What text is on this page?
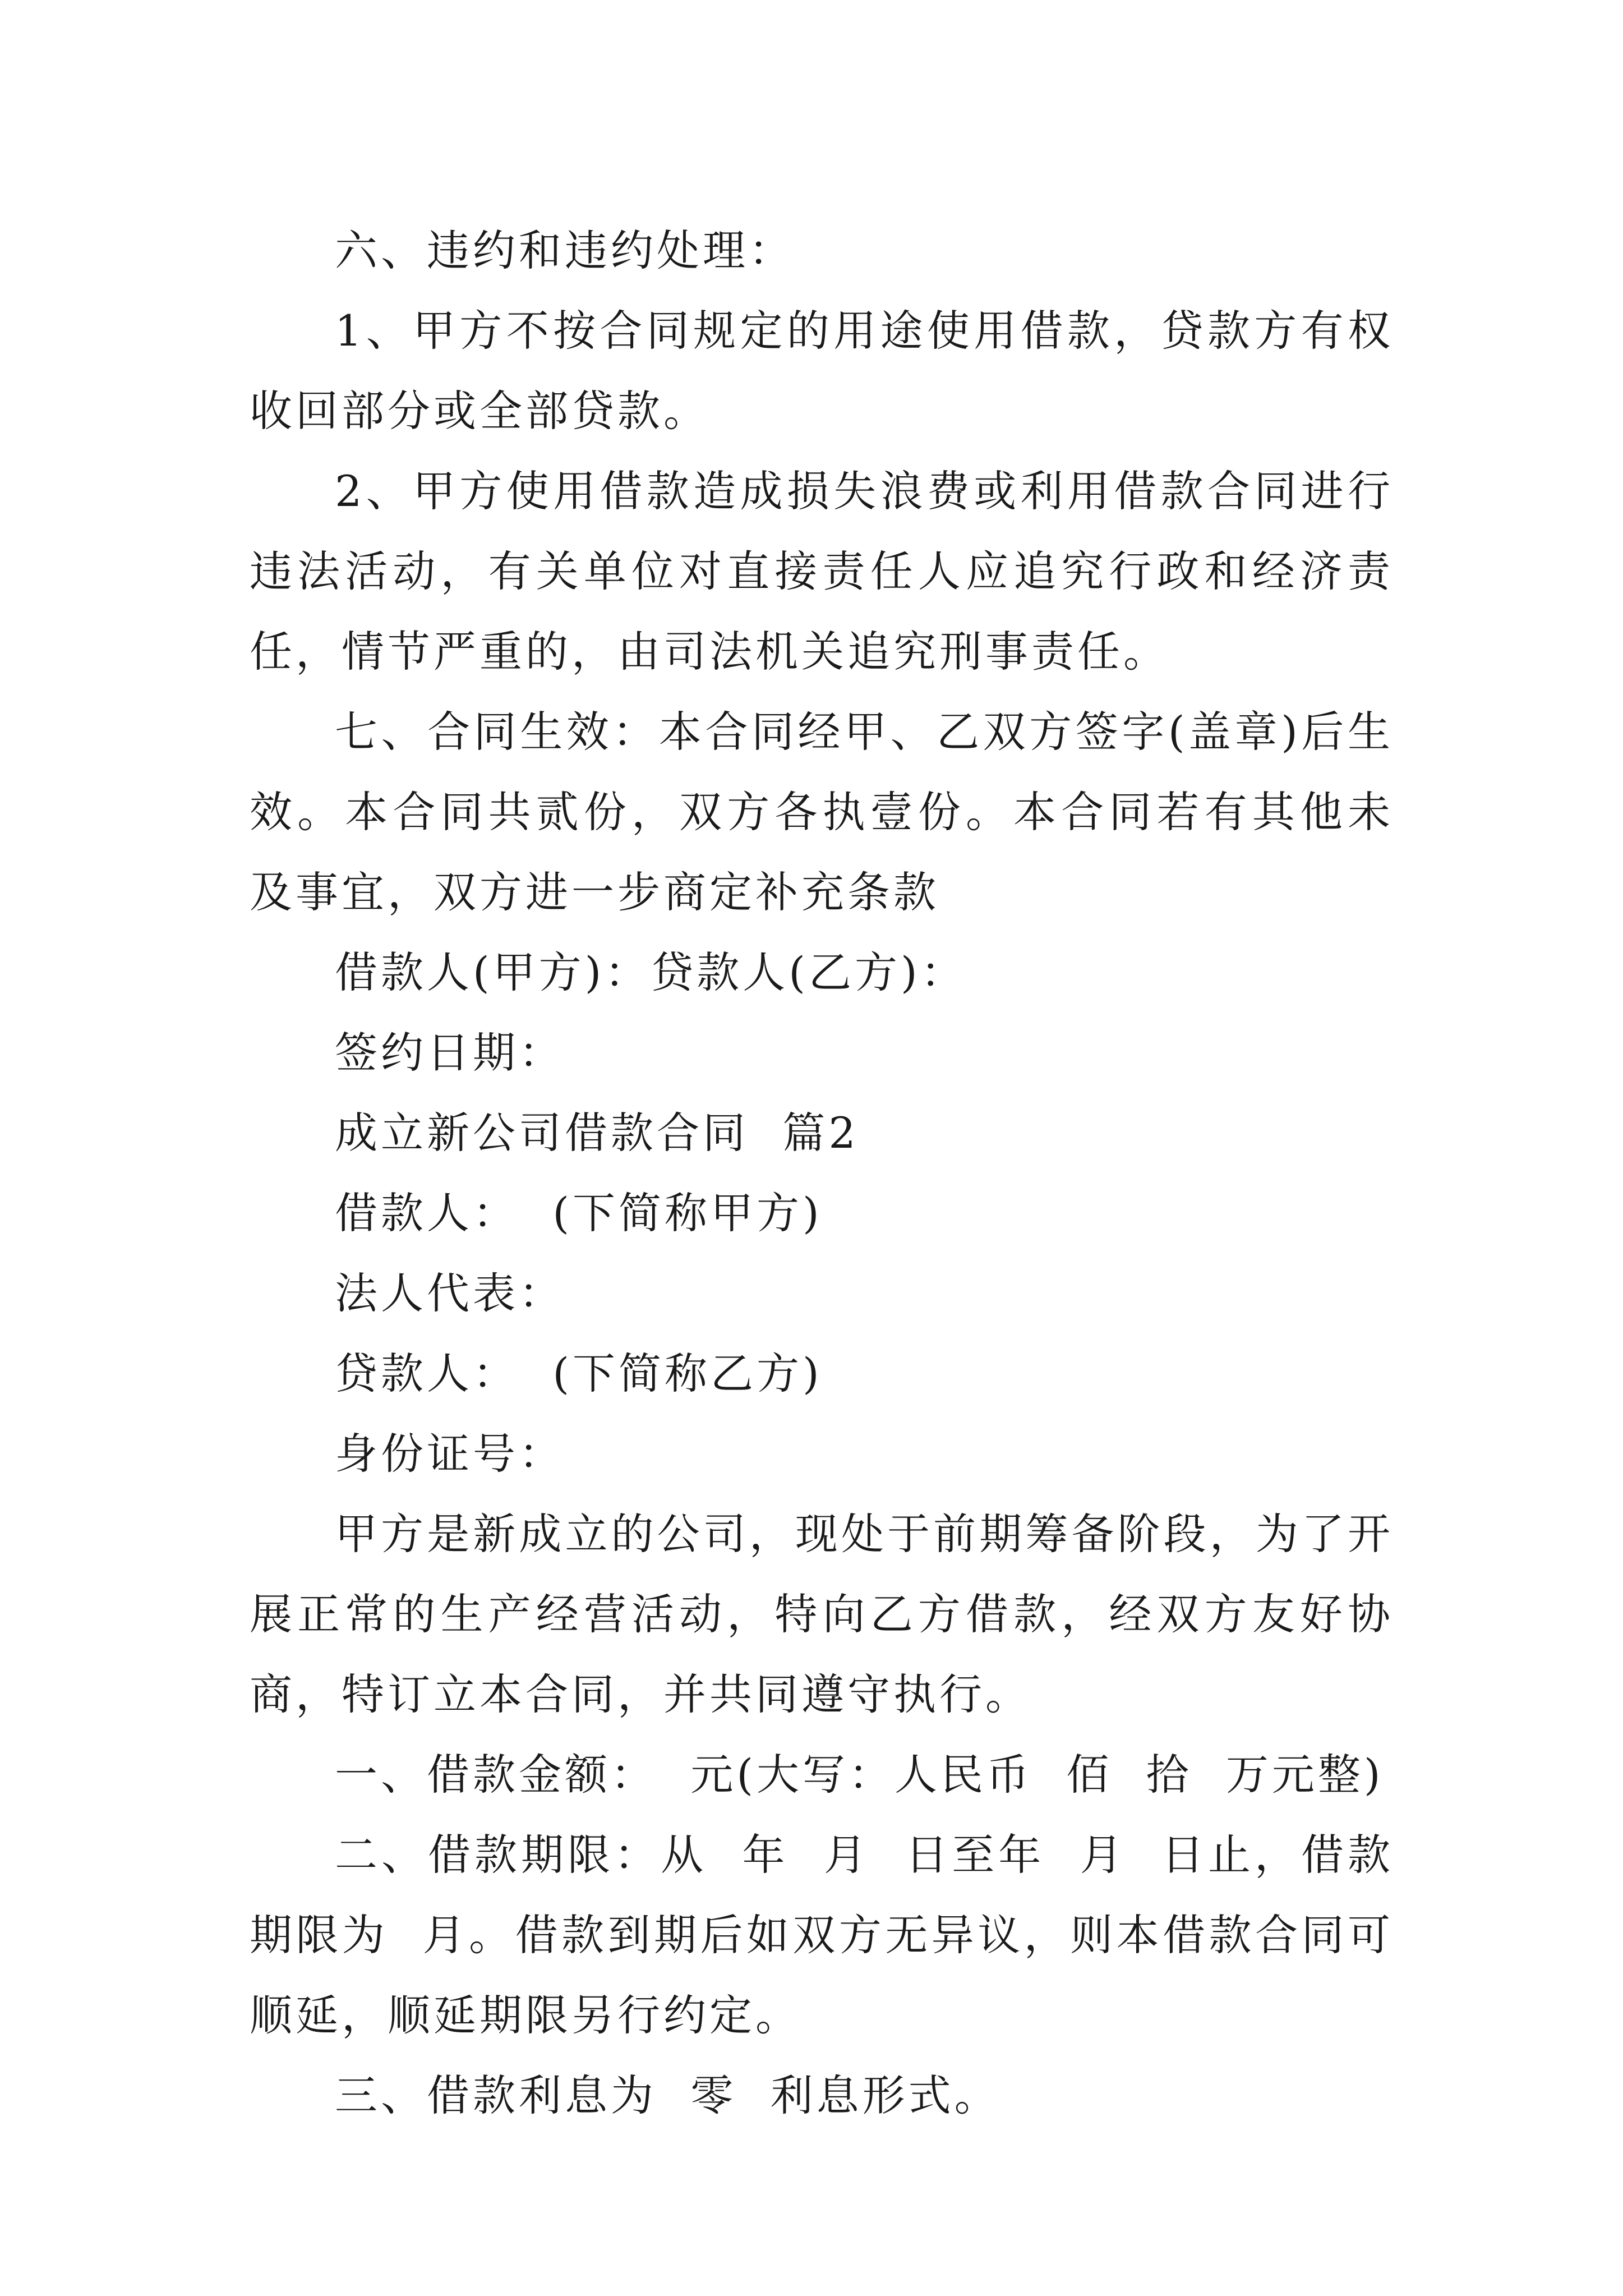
六、违约和违约处理：

1、甲方不按合同规定的用途使用借款，贷款方有权收回部分或全部贷款。

2、甲方使用借款造成损失浪费或利用借款合同进行违法活动，有关单位对直接责任人应追究行政和经济责任，情节严重的，由司法机关追究刑事责任。

七、合同生效：本合同经甲、乙双方签字(盖章)后生效。本合同共贰份，双方各执壹份。本合同若有其他未及事宜，双方进一步商定补充条款

借款人(甲方)：贷款人(乙方)：

签约日期：

成立新公司借款合同  篇2

借款人：  (下简称甲方)

法人代表：

贷款人：  (下简称乙方)

身份证号：

甲方是新成立的公司，现处于前期筹备阶段，为了开展正常的生产经营活动，特向乙方借款，经双方友好协商，特订立本合同，并共同遵守执行。

一、借款金额：  元(大写：人民币  佰  拾  万元整)

二、借款期限：从  年  月  日至年  月  日止，借款期限为  月。借款到期后如双方无异议，则本借款合同可顺延，顺延期限另行约定。

三、借款利息为  零  利息形式。
